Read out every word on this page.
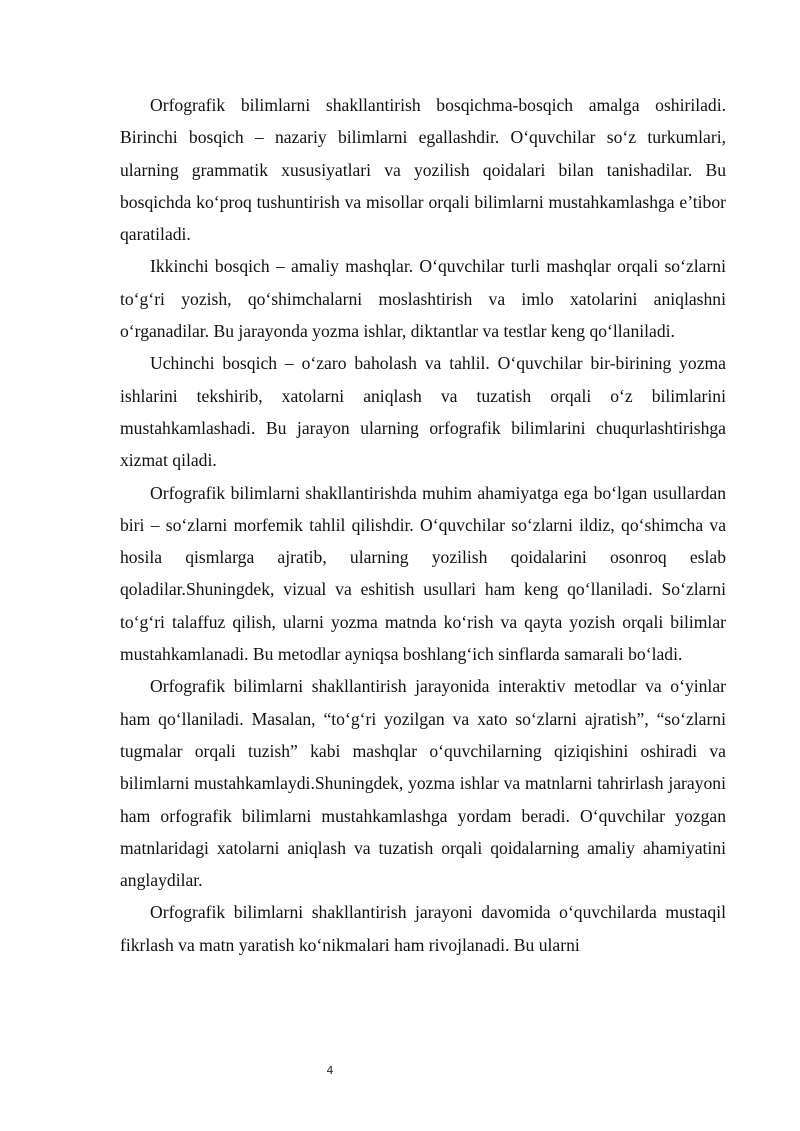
Orfografik bilimlarni shakllantirish bosqichma-bosqich amalga oshiriladi. Birinchi bosqich – nazariy bilimlarni egallashdir. O‘quvchilar so‘z turkumlari, ularning grammatik xususiyatlari va yozilish qoidalari bilan tanishadilar. Bu bosqichda ko‘proq tushuntirish va misollar orqali bilimlarni mustahkamlashga e’tibor qaratiladi.

Ikkinchi bosqich – amaliy mashqlar. O‘quvchilar turli mashqlar orqali so‘zlarni to‘g‘ri yozish, qo‘shimchalarni moslashtirish va imlo xatolarini aniqlashni o‘rganadilar. Bu jarayonda yozma ishlar, diktantlar va testlar keng qo‘llaniladi.

Uchinchi bosqich – o‘zaro baholash va tahlil. O‘quvchilar bir-birining yozma ishlarini tekshirib, xatolarni aniqlash va tuzatish orqali o‘z bilimlarini mustahkamlashadi. Bu jarayon ularning orfografik bilimlarini chuqurlashtirishga xizmat qiladi.

Orfografik bilimlarni shakllantirishda muhim ahamiyatga ega bo‘lgan usullardan biri – so‘zlarni morfemik tahlil qilishdir. O‘quvchilar so‘zlarni ildiz, qo‘shimcha va hosila qismlarga ajratib, ularning yozilish qoidalarini osonroq eslab qoladilar.Shuningdek, vizual va eshitish usullari ham keng qo‘llaniladi. So‘zlarni to‘g‘ri talaffuz qilish, ularni yozma matnda ko‘rish va qayta yozish orqali bilimlar mustahkamlanadi. Bu metodlar ayniqsa boshlang‘ich sinflarda samarali bo‘ladi.

Orfografik bilimlarni shakllantirish jarayonida interaktiv metodlar va o‘yinlar ham qo‘llaniladi. Masalan, “to‘g‘ri yozilgan va xato so‘zlarni ajratish”, “so‘zlarni tugmalar orqali tuzish” kabi mashqlar o‘quvchilarning qiziqishini oshiradi va bilimlarni mustahkamlaydi.Shuningdek, yozma ishlar va matnlarni tahrirlash jarayoni ham orfografik bilimlarni mustahkamlashga yordam beradi. O‘quvchilar yozgan matnlaridagi xatolarni aniqlash va tuzatish orqali qoidalarning amaliy ahamiyatini anglaydilar.

Orfografik bilimlarni shakllantirish jarayoni davomida o‘quvchilarda mustaqil fikrlash va matn yaratish ko‘nikmalari ham rivojlanadi. Bu ularni

4
